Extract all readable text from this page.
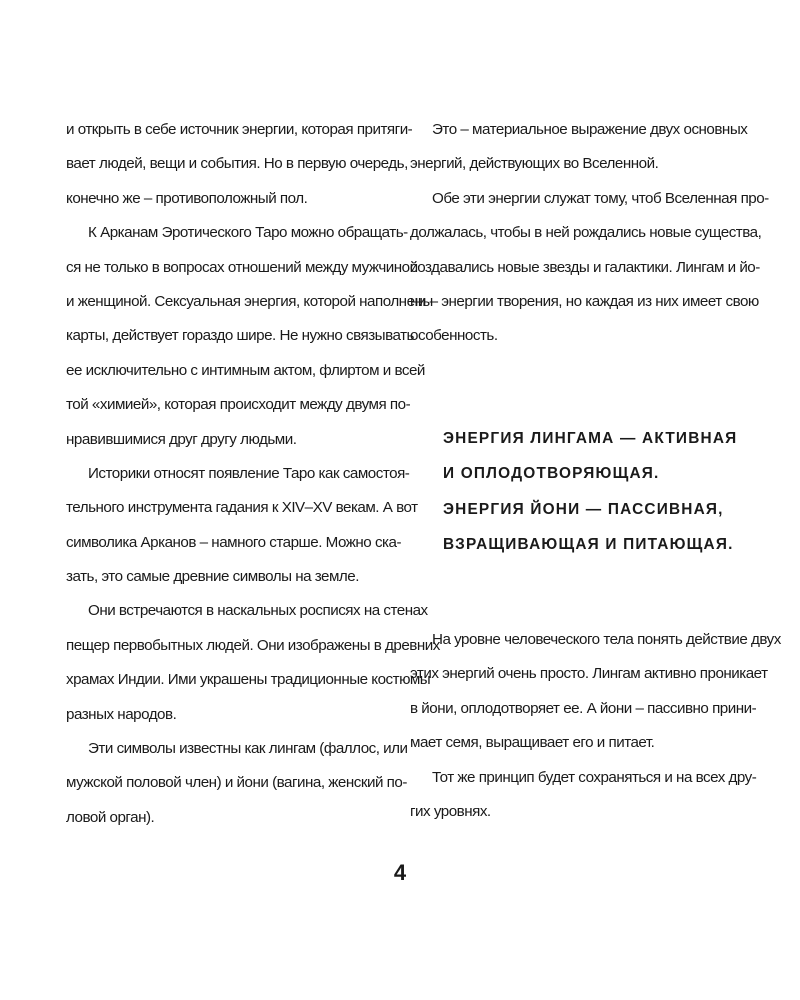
и открыть в себе источник энергии, которая притяги-
вает людей, вещи и события. Но в первую очередь,
конечно же – противоположный пол.
К Арканам Эротического Таро можно обращать-
ся не только в вопросах отношений между мужчиной
и женщиной. Сексуальная энергия, которой наполнены
карты, действует гораздо шире. Не нужно связывать
ее исключительно с интимным актом, флиртом и всей
той «химией», которая происходит между двумя по-
нравившимися друг другу людьми.
Историки относят появление Таро как самостоя-
тельного инструмента гадания к XIV–XV векам. А вот
символика Арканов – намного старше. Можно ска-
зать, это самые древние символы на земле.
Они встречаются в наскальных росписях на стенах
пещер первобытных людей. Они изображены в древних
храмах Индии. Ими украшены традиционные костюмы
разных народов.
Эти символы известны как лингам (фаллос, или
мужской половой член) и йони (вагина, женский по-
ловой орган).
Это – материальное выражение двух основных
энергий, действующих во Вселенной.
Обе эти энергии служат тому, чтоб Вселенная про-
должалась, чтобы в ней рождались новые существа,
создавались новые звезды и галактики. Лингам и йо-
ни – энергии творения, но каждая из них имеет свою
особенность.
ЭНЕРГИЯ ЛИНГАМА — АКТИВНАЯ
И ОПЛОДОТВОРЯЮЩАЯ.
ЭНЕРГИЯ ЙОНИ — ПАССИВНАЯ,
ВЗРАЩИВАЮЩАЯ И ПИТАЮЩАЯ.
На уровне человеческого тела понять действие двух
этих энергий очень просто. Лингам активно проникает
в йони, оплодотворяет ее. А йони – пассивно прини-
мает семя, выращивает его и питает.
Тот же принцип будет сохраняться и на всех дру-
гих уровнях.
4
